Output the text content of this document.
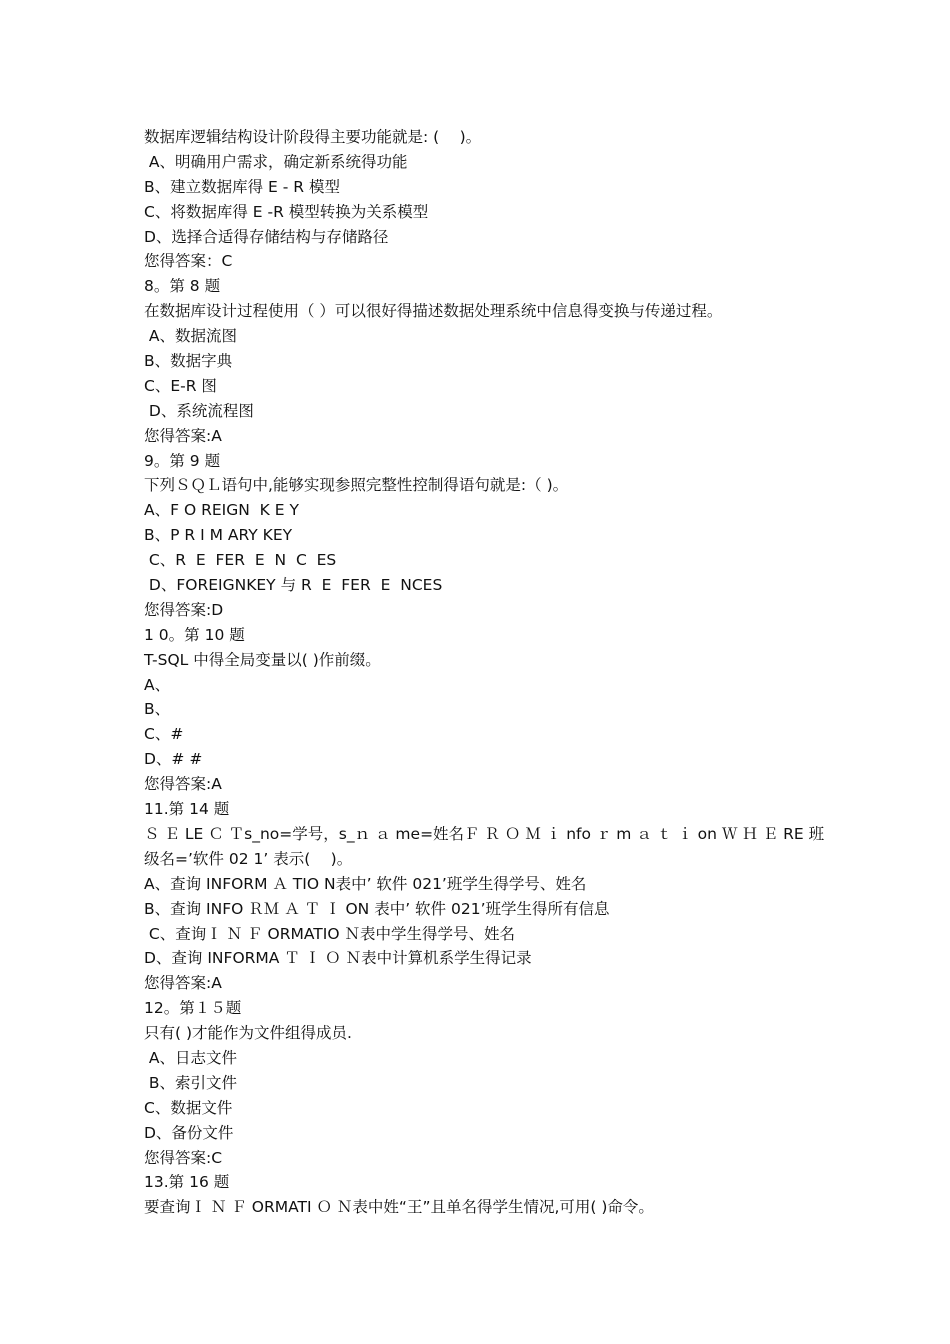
数据库逻辑结构设计阶段得主要功能就是: (　 )。
A、明确用户需求，确定新系统得功能
B、建立数据库得 E - R 模型
C、将数据库得 E -R 模型转换为关系模型
D、选择合适得存储结构与存储路径
您得答案：C
8。第 8 题
在数据库设计过程使用（ ）可以很好得描述数据处理系统中信息得变换与传递过程。
A、数据流图
B、数据字典
C、E-R 图
D、系统流程图
您得答案:A
9。第 9 题
下列ＳＱＬ语句中,能够实现参照完整性控制得语句就是:（ )。
A、F O REIGN  K E Y
B、P R I M ARY KEY
C、R  E  FER  E  N  C  ES
D、FOREIGNKEY 与 R  E  FER  E  NCES
您得答案:D
1 0。第 10 题
T-SQL 中得全局变量以( )作前缀。
A、
B、
C、#
D、# #
您得答案:A
11.第 14 题
Ｓ Ｅ LE Ｃ Ｔs_no=学号，s_ｎ ａ me=姓名Ｆ Ｒ Ｏ Ｍ ｉ nfo ｒ m ａ ｔ ｉ on Ｗ Ｈ Ｅ RE 班
级名=’软件 02 1’ 表示(　 )。
A、查询 INFORM Ａ TIO N表中’ 软件 021’班学生得学号、姓名
B、查询 INFO ＲＭ Ａ Ｔ Ｉ ON 表中’ 软件 021’班学生得所有信息
C、查询Ｉ Ｎ Ｆ ORMATIO Ｎ表中学生得学号、姓名
D、查询 INFORMA Ｔ Ｉ Ｏ Ｎ表中计算机系学生得记录
您得答案:A
12。第１５题
只有( )才能作为文件组得成员.
A、日志文件
B、索引文件
C、数据文件
D、备份文件
您得答案:C
13.第 16 题
要查询Ｉ Ｎ Ｆ ORMATI Ｏ Ｎ表中姓“王”且单名得学生情况,可用( )命令。
